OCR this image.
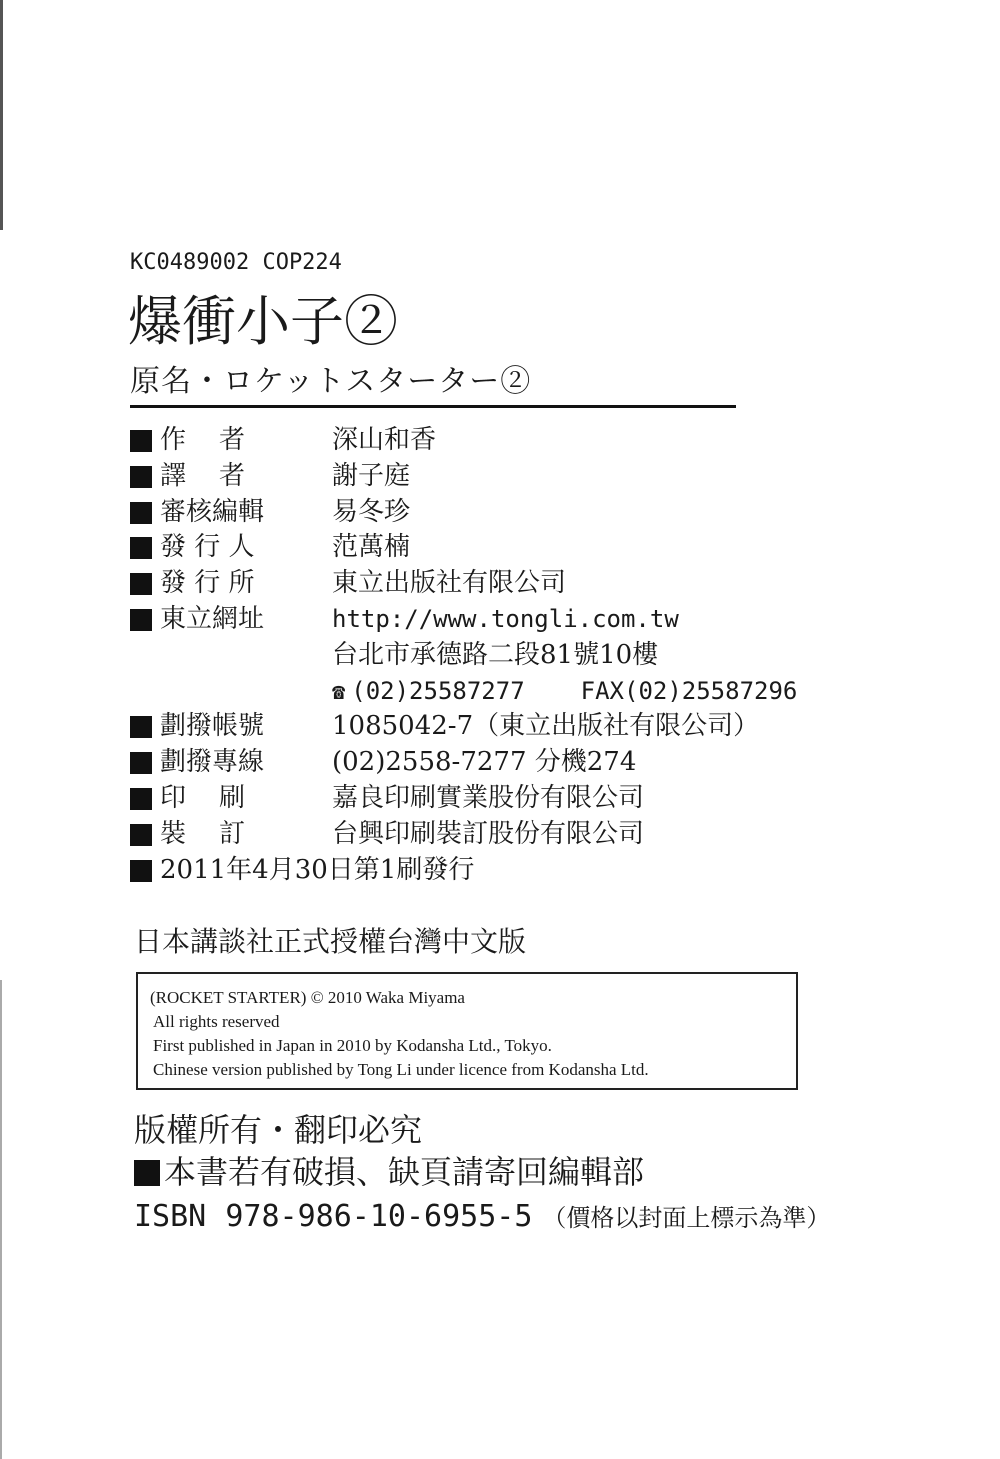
KC0489002 COP224
爆衝小子②
原名・ロケットスターター②
作    者	深山和香
譯    者	謝子庭
審核編輯	易冬珍
發 行 人	范萬楠
發 行 所	東立出版社有限公司
東立網址	http://www.tongli.com.tw
台北市承德路二段81號10樓
☎ (02)25587277 FAX(02)25587296
劃撥帳號	1085042-7（東立出版社有限公司）
劃撥專線	(02)2558-7277 分機274
印    刷	嘉良印刷實業股份有限公司
裝    訂	台興印刷裝訂股份有限公司
2011年4月30日第1刷發行
日本講談社正式授權台灣中文版
(ROCKET STARTER) © 2010 Waka Miyama
All rights reserved
First published in Japan in 2010 by Kodansha Ltd., Tokyo.
Chinese version published by Tong Li under licence from Kodansha Ltd.
版權所有・翻印必究
本書若有破損、缺頁請寄回編輯部
ISBN 978-986-10-6955-5 （價格以封面上標示為準）
